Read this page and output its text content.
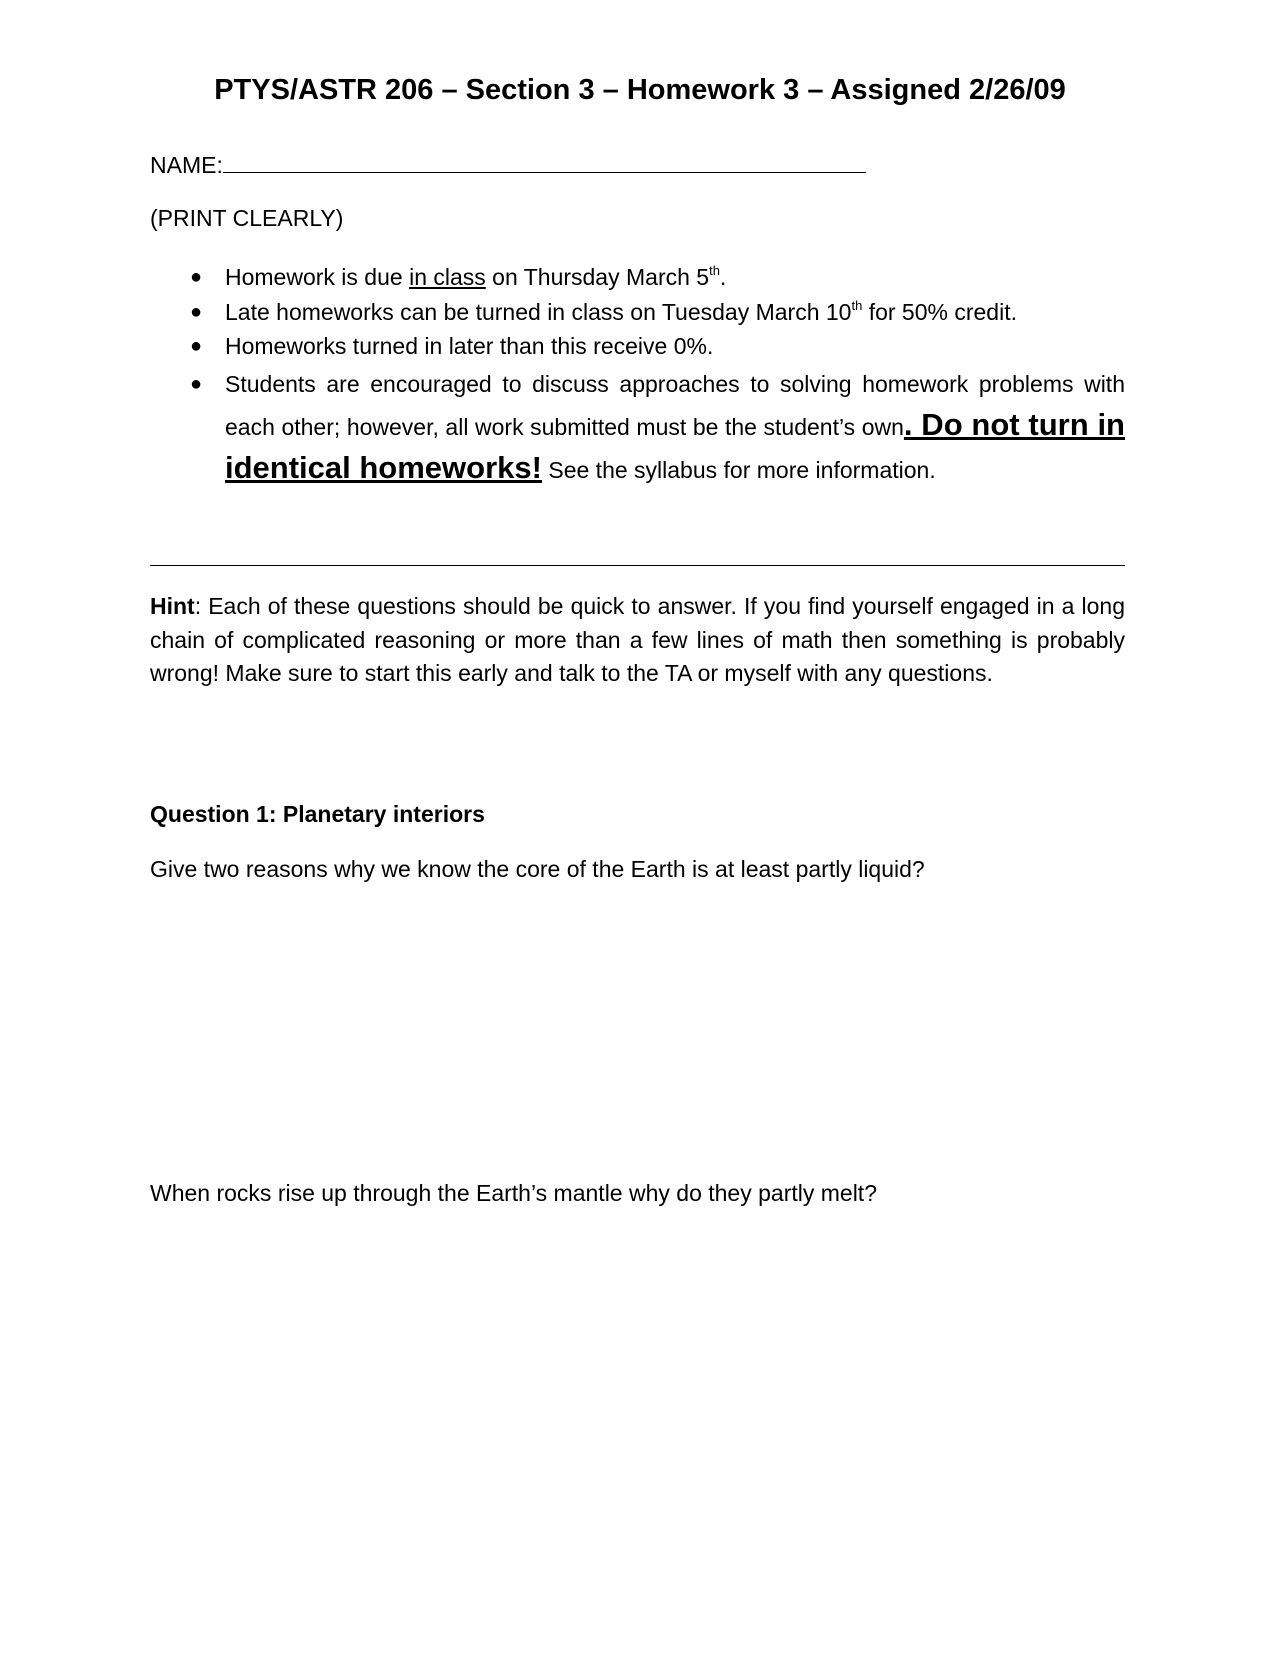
PTYS/ASTR 206 – Section 3 – Homework 3 – Assigned 2/26/09
NAME:
(PRINT CLEARLY)
● Homework is due in class on Thursday March 5th.
● Late homeworks can be turned in class on Tuesday March 10th for 50% credit.
● Homeworks turned in later than this receive 0%.
● Students are encouraged to discuss approaches to solving homework problems with each other; however, all work submitted must be the student’s own. Do not turn in identical homeworks! See the syllabus for more information.
Hint: Each of these questions should be quick to answer. If you find yourself engaged in a long chain of complicated reasoning or more than a few lines of math then something is probably wrong! Make sure to start this early and talk to the TA or myself with any questions.
Question 1: Planetary interiors
Give two reasons why we know the core of the Earth is at least partly liquid?
When rocks rise up through the Earth’s mantle why do they partly melt?
